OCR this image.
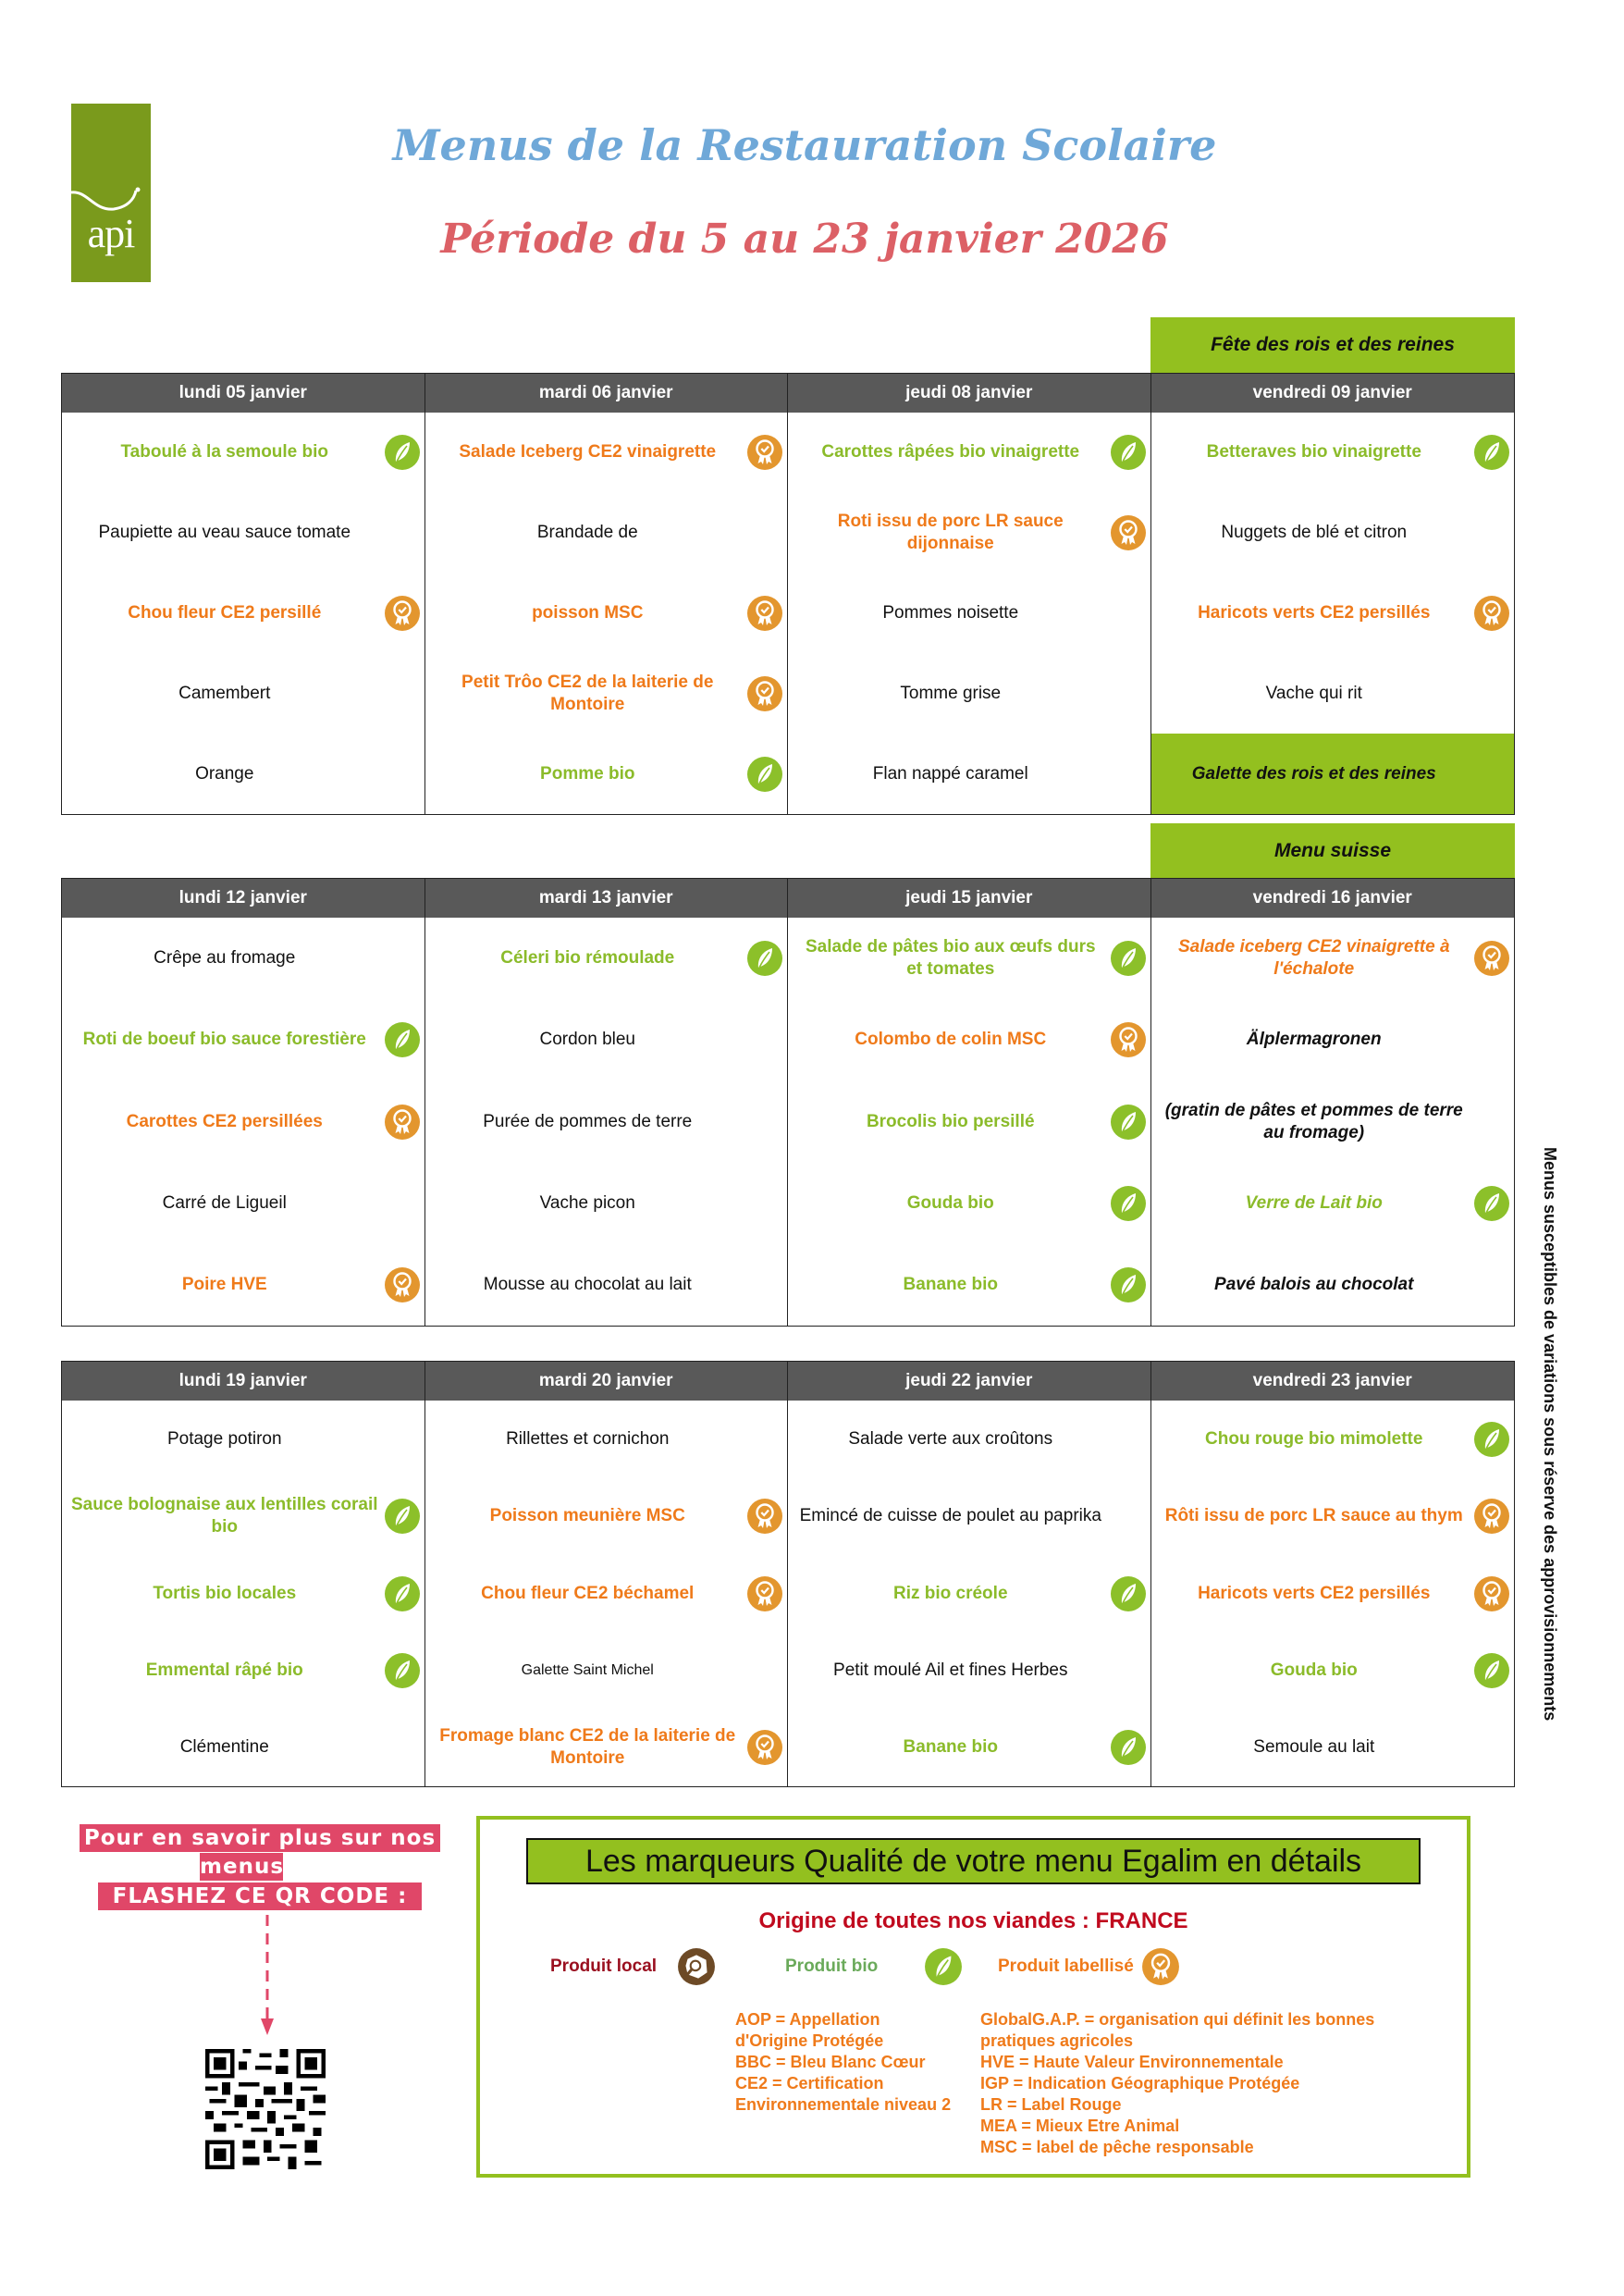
api
Menus de la Restauration Scolaire
Période du 5 au 23 janvier 2026
Fête des rois et des reines
lundi 05 janvier
Taboulé à la semoule bio
Paupiette au veau sauce tomate
Chou fleur CE2 persillé
Camembert
Orange
mardi 06 janvier
Salade Iceberg CE2 vinaigrette
Brandade de
poisson MSC
Petit Trôo CE2 de la laiterie de Montoire
Pomme bio
jeudi 08 janvier
Carottes râpées bio vinaigrette
Roti issu de porc LR sauce dijonnaise
Pommes noisette
Tomme grise
Flan nappé caramel
vendredi 09 janvier
Betteraves bio vinaigrette
Nuggets de blé et citron
Haricots verts CE2 persillés
Vache qui rit
Galette des rois et des reines
Menu suisse
lundi 12 janvier
Crêpe au fromage
Roti de boeuf bio sauce forestière
Carottes CE2 persillées
Carré de Ligueil
Poire HVE
mardi 13 janvier
Céleri bio rémoulade
Cordon bleu
Purée de pommes de terre
Vache picon
Mousse au chocolat au lait
jeudi 15 janvier
Salade de pâtes bio aux œufs durs et tomates
Colombo de colin MSC
Brocolis bio persillé
Gouda bio
Banane bio
vendredi 16 janvier
Salade iceberg CE2 vinaigrette à l'échalote
Älplermagronen
(gratin de pâtes et pommes de terre au fromage)
Verre de Lait bio
Pavé balois au chocolat
lundi 19 janvier
Potage potiron
Sauce bolognaise aux lentilles corail bio
Tortis bio locales
Emmental râpé bio
Clémentine
mardi 20 janvier
Rillettes et cornichon
Poisson meunière MSC
Chou fleur CE2 béchamel
Galette Saint Michel
Fromage blanc CE2 de la laiterie de Montoire
jeudi 22 janvier
Salade verte aux croûtons
Emincé de cuisse de poulet au paprika
Riz bio créole
Petit moulé Ail et fines Herbes
Banane bio
vendredi 23 janvier
Chou rouge bio mimolette
Rôti issu de porc LR sauce au thym
Haricots verts CE2 persillés
Gouda bio
Semoule au lait
Menus susceptibles de variations sous réserve des approvisionnements
Pour en savoir plus sur nos
menus,
FLASHEZ CE QR CODE :
Les marqueurs Qualité de votre menu Egalim en détails
Origine de toutes nos viandes : FRANCE
Produit local	Produit bio	Produit labellisé
AOP = Appellation
d'Origine Protégée
BBC = Bleu Blanc Cœur
CE2 = Certification
Environnementale niveau 2
GlobalG.A.P. = organisation qui définit les bonnes
pratiques agricoles
HVE = Haute Valeur Environnementale
IGP = Indication Géographique Protégée
LR = Label Rouge
MEA = Mieux Etre Animal
MSC = label de pêche responsable
